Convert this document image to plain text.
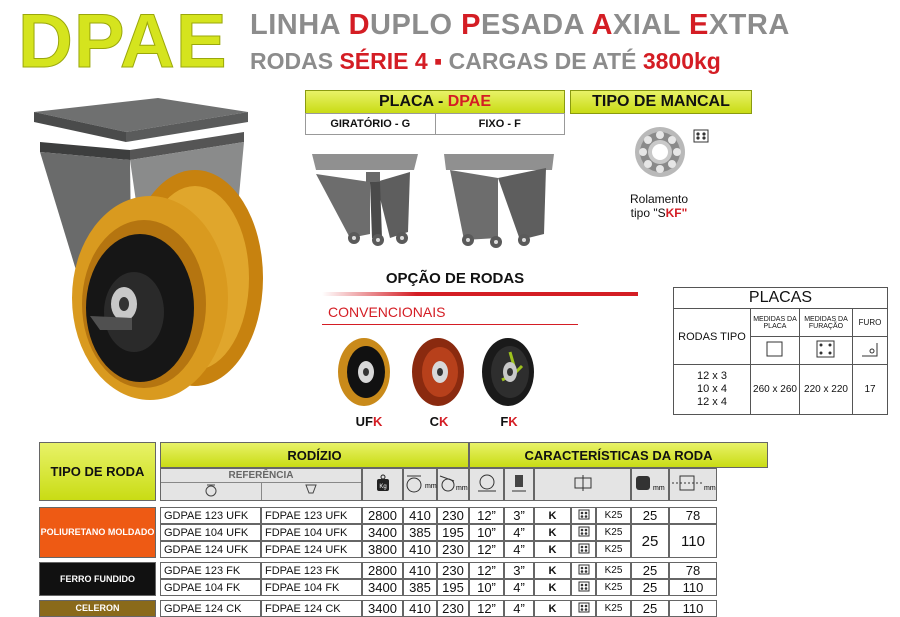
DPAE LINHA DUPLO PESADA AXIAL EXTRA
RODAS SÉRIE 4 ▪ CARGAS DE ATÉ 3800kg
PLACA - DPAE
GIRATÓRIO - G	FIXO - F
TIPO DE MANCAL
Rolamento
tipo "SKF"
OPÇÃO DE RODAS
CONVENCIONAIS
UFK	CK	FK
PLACAS			
RODAS TIPO	MEDIDAS DA PLACA	MEDIDAS DA FURAÇÃO	FURO

12 x 3
10 x 4
12 x 4	260 x 260	220 x 220	17
TIPO DE RODA		RODÍZIO					CARACTERÍSTICAS DA RODA						

		REFERÊNCIA		Kg	mm	mm						mm	mm

POLIURETANO MOLDADO		GDPAE 123 UFK	FDPAE 123 UFK	2800	410	230	12”	3”	K		K25	25	78
		GDPAE 104 UFK	FDPAE 104 UFK	3400	385	195	10”	4”	K		K25	25	110
		GDPAE 124 UFK	FDPAE 124 UFK	3800	410	230	12”	4”	K		K25		

FERRO FUNDIDO		GDPAE 123 FK	FDPAE 123 FK	2800	410	230	12”	3”	K		K25	25	78
		GDPAE 104 FK	FDPAE 104 FK	3400	385	195	10”	4”	K		K25	25	110

CELERON		GDPAE 124 CK	FDPAE 124 CK	3400	410	230	12”	4”	K		K25	25	110
